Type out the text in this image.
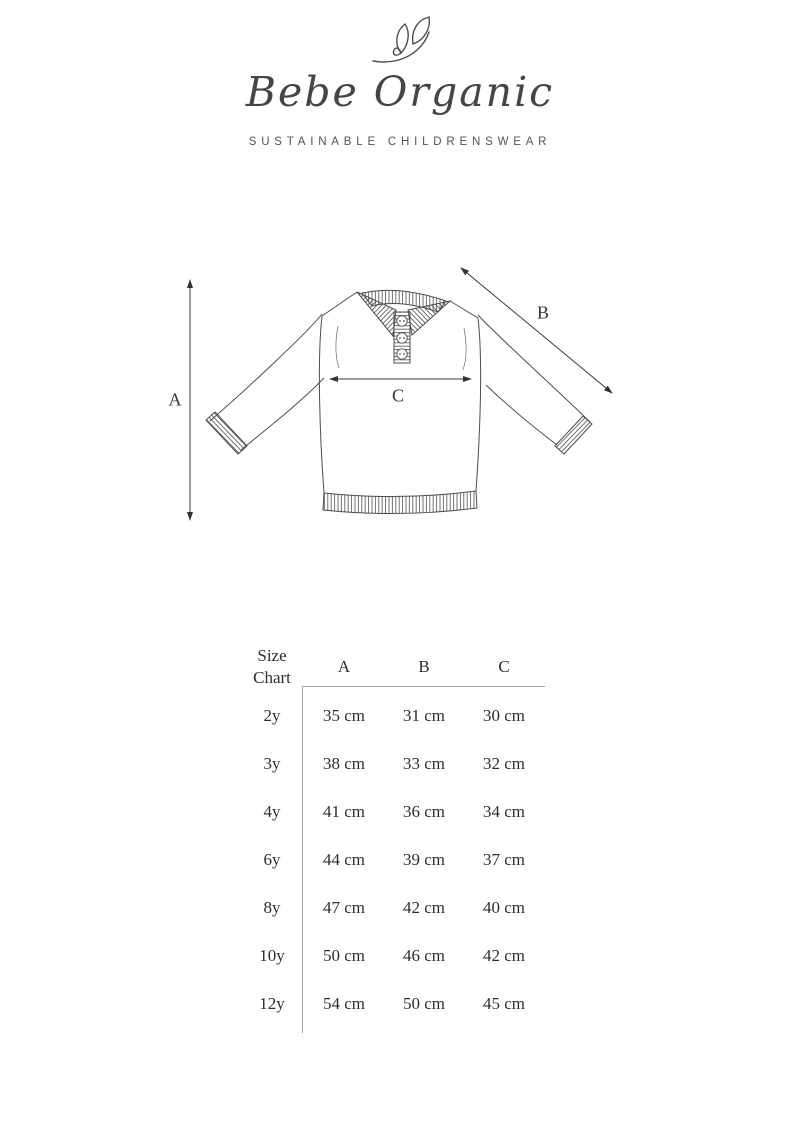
Bebe Organic
SUSTAINABLE CHILDRENSWEAR
A
B
C
Size Chart
A	B	C
2y	35 cm	31 cm	30 cm
3y	38 cm	33 cm	32 cm
4y	41 cm	36 cm	34 cm
6y	44 cm	39 cm	37 cm
8y	47 cm	42 cm	40 cm
10y	50 cm	46 cm	42 cm
12y	54 cm	50 cm	45 cm
